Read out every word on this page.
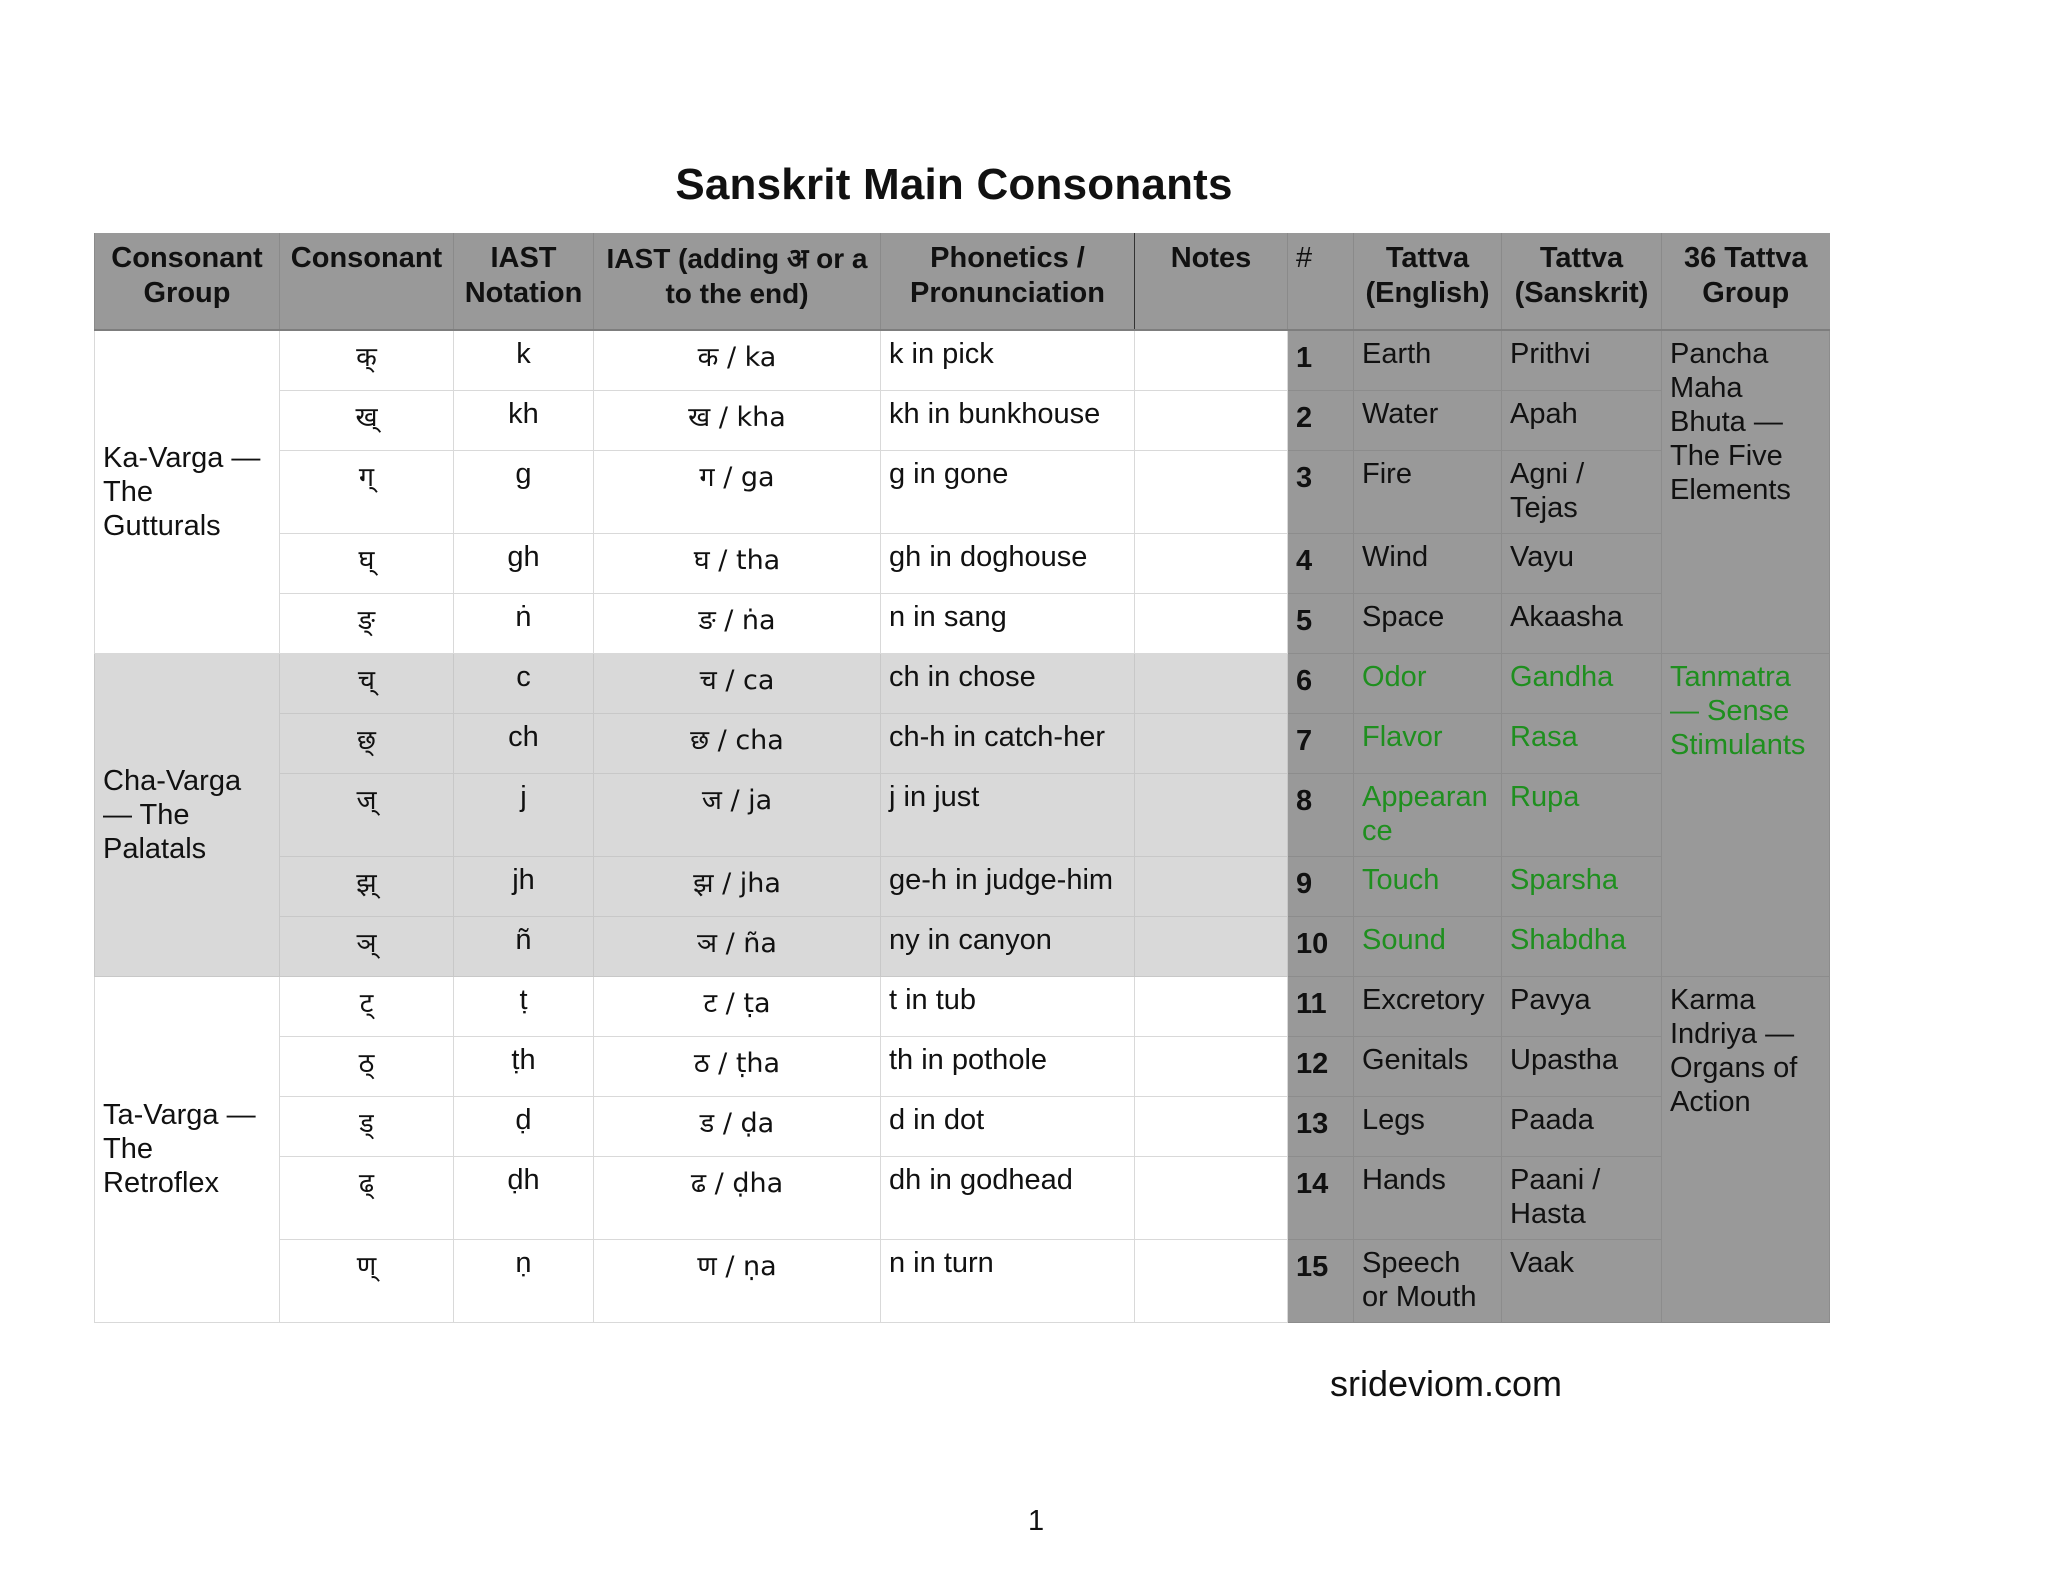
Sanskrit Main Consonants
Consonant Group	Consonant	IAST Notation	IAST (adding अ or a to the end)	Phonetics / Pronunciation	Notes	#	Tattva (English)	Tattva (Sanskrit)	36 Tattva Group
Ka-Varga — The Gutturals	क्	k	क / ka	k in pick		1	Earth	Prithvi	Pancha Maha Bhuta — The Five Elements
	ख्	kh	ख / kha	kh in bunkhouse		2	Water	Apah	
	ग्	g	ग / ga	g in gone		3	Fire	Agni / Tejas	
	घ्	gh	घ / tha	gh in doghouse		4	Wind	Vayu	
	ङ्	ṅ	ङ / ṅa	n in sang		5	Space	Akaasha	
Cha-Varga — The Palatals	च्	c	च / ca	ch in chose		6	Odor	Gandha	Tanmatra — Sense Stimulants
	छ्	ch	छ / cha	ch-h in catch-her		7	Flavor	Rasa	
	ज्	j	ज / ja	j in just		8	Appearan ce	Rupa	
	झ्	jh	झ / jha	ge-h in judge-him		9	Touch	Sparsha	
	ञ्	ñ	ञ / ña	ny in canyon		10	Sound	Shabdha	
Ta-Varga — The Retroflex	ट्	ṭ	ट / ṭa	t in tub		11	Excretory	Pavya	Karma Indriya — Organs of Action
	ठ्	ṭh	ठ / ṭha	th in pothole		12	Genitals	Upastha	
	ड्	ḍ	ड / ḍa	d in dot		13	Legs	Paada	
	ढ्	ḍh	ढ / ḍha	dh in godhead		14	Hands	Paani / Hasta	
	ण्	ṇ	ण / ṇa	n in turn		15	Speech or Mouth	Vaak	
srideviom.com
1
